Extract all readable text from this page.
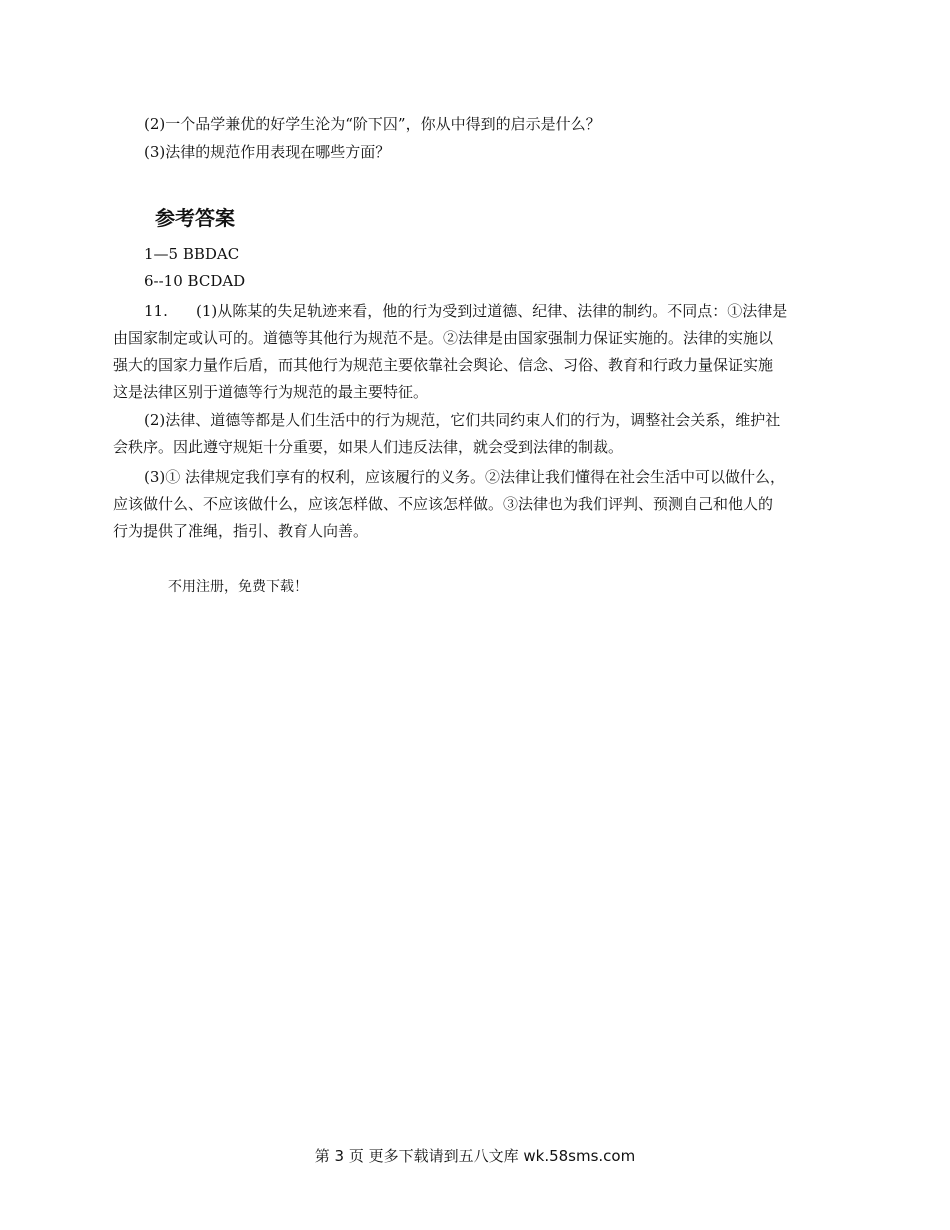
(2)一个品学兼优的好学生沦为“阶下囚”，你从中得到的启示是什么？
(3)法律的规范作用表现在哪些方面？
参考答案
1—5 BBDAC
6--10 BCDAD
11. (1)从陈某的失足轨迹来看，他的行为受到过道德、纪律、法律的制约。不同点：①法律是
由国家制定或认可的。道德等其他行为规范不是。②法律是由国家强制力保证实施的。法律的实施以
强大的国家力量作后盾，而其他行为规范主要依靠社会舆论、信念、习俗、教育和行政力量保证实施
这是法律区别于道德等行为规范的最主要特征。
(2)法律、道德等都是人们生活中的行为规范，它们共同约束人们的行为，调整社会关系，维护社
会秩序。因此遵守规矩十分重要，如果人们违反法律，就会受到法律的制裁。
(3)① 法律规定我们享有的权利，应该履行的义务。②法律让我们懂得在社会生活中可以做什么，
应该做什么、不应该做什么，应该怎样做、不应该怎样做。③法律也为我们评判、预测自己和他人的
行为提供了准绳，指引、教育人向善。
不用注册，免费下载！
第 3 页 更多下载请到五八文库 wk.58sms.com
